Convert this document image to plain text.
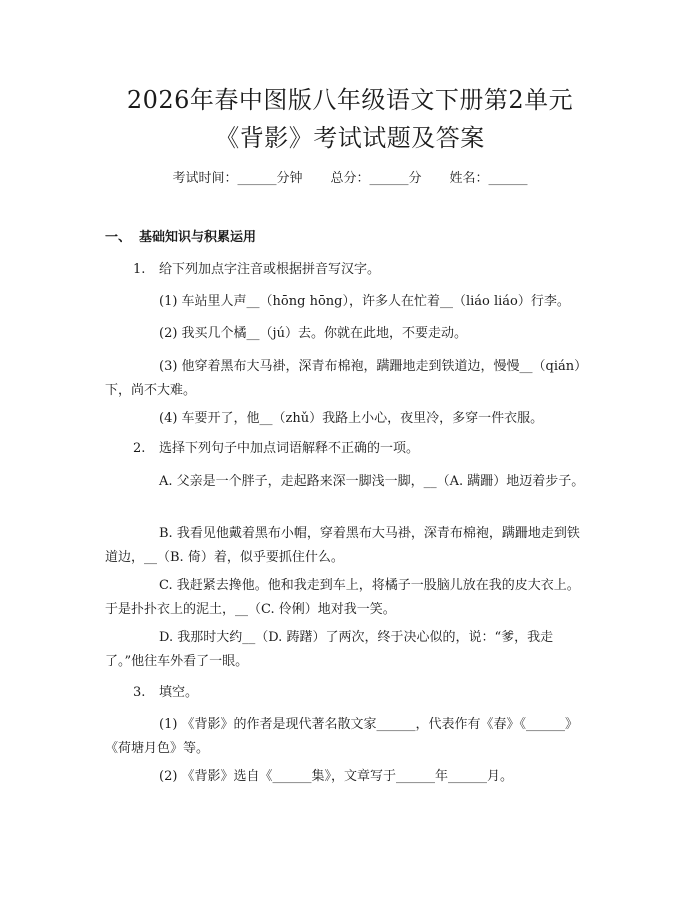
2026年春中图版八年级语文下册第2单元
《背影》考试试题及答案
考试时间：______分钟 总分：______分 姓名：______
一、 基础知识与积累运用
1. 给下列加点字注音或根据拼音写汉字。
(1) 车站里人声__（hōng hōng），许多人在忙着__（liáo liáo）行李。
(2) 我买几个橘__（jú）去。你就在此地，不要走动。
(3) 他穿着黑布大马褂，深青布棉袍，蹒跚地走到铁道边，慢慢__（qián）下，尚不大难。
(4) 车要开了，他__（zhǔ）我路上小心，夜里冷，多穿一件衣服。
2. 选择下列句子中加点词语解释不正确的一项。
A. 父亲是一个胖子，走起路来深一脚浅一脚，__（A. 蹒跚）地迈着步子。
B. 我看见他戴着黑布小帽，穿着黑布大马褂，深青布棉袍，蹒跚地走到铁道边，__（B. 倚）着，似乎要抓住什么。
C. 我赶紧去搀他。他和我走到车上，将橘子一股脑儿放在我的皮大衣上。于是扑扑衣上的泥土，__（C. 伶俐）地对我一笑。
D. 我那时大约__（D. 踌躇）了两次，终于决心似的，说：“爹，我走了。”他往车外看了一眼。
3. 填空。
(1) 《背影》的作者是现代著名散文家______，代表作有《春》《______》《荷塘月色》等。
(2) 《背影》选自《______集》，文章写于______年______月。
